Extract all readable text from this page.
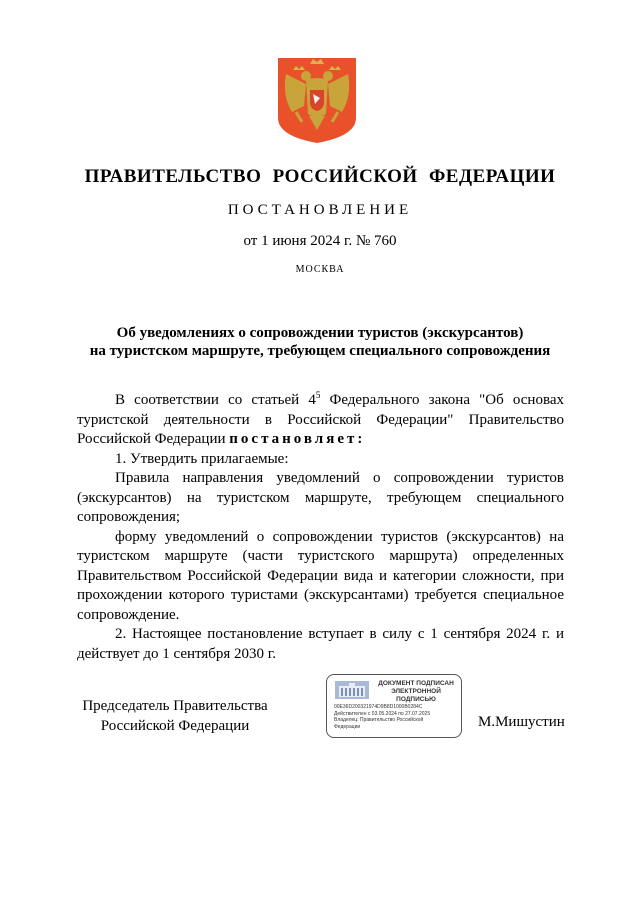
ПРАВИТЕЛЬСТВО РОССИЙСКОЙ ФЕДЕРАЦИИ
ПОСТАНОВЛЕНИЕ
от 1 июня 2024 г. № 760
МОСКВА
Об уведомлениях о сопровождении туристов (экскурсантов)
на туристском маршруте, требующем специального сопровождения

В соответствии со статьей $4^5$ Федерального закона "Об основах туристской деятельности в Российской Федерации" Правительство Российской Федерации постановляет:

1. Утвердить прилагаемые:

Правила направления уведомлений о сопровождении туристов (экскурсантов) на туристском маршруте, требующем специального сопровождения;

форму уведомлений о сопровождении туристов (экскурсантов) на туристском маршруте (части туристского маршрута) определенных Правительством Российской Федерации вида и категории сложности, при прохождении которого туристами (экскурсантами) требуется специальное сопровождение.

2. Настоящее постановление вступает в силу с 1 сентября 2024 г. и действует до 1 сентября 2030 г.

Председатель Правительства
Российской Федерации
ДОКУМЕНТ ПОДПИСАН
ЭЛЕКТРОННОЙ ПОДПИСЬЮ
00E36D200321974D9B8D1000B0284C
Действителен с 03.05.2024 по 27.07.2025
Владелец: Правительство Российской
Федерации	М.Мишустин
